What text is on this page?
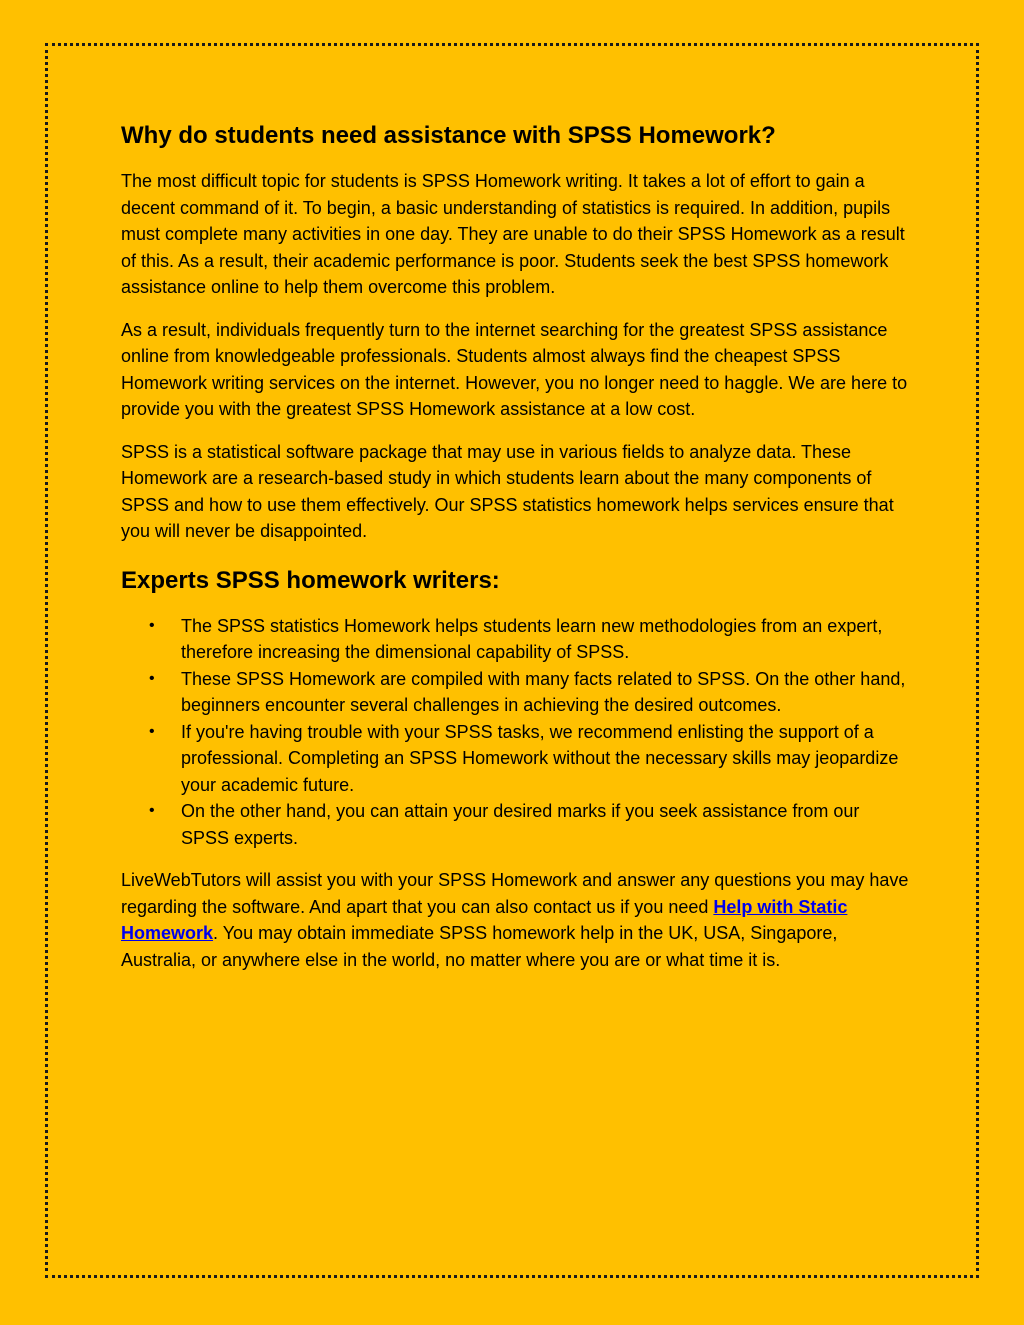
Why do students need assistance with SPSS Homework?

The most difficult topic for students is SPSS Homework writing. It takes a lot of effort to gain a decent command of it. To begin, a basic understanding of statistics is required. In addition, pupils must complete many activities in one day. They are unable to do their SPSS Homework as a result of this. As a result, their academic performance is poor. Students seek the best SPSS homework assistance online to help them overcome this problem.

As a result, individuals frequently turn to the internet searching for the greatest SPSS assistance online from knowledgeable professionals. Students almost always find the cheapest SPSS Homework writing services on the internet. However, you no longer need to haggle. We are here to provide you with the greatest SPSS Homework assistance at a low cost.

SPSS is a statistical software package that may use in various fields to analyze data. These Homework are a research-based study in which students learn about the many components of SPSS and how to use them effectively. Our SPSS statistics homework helps services ensure that you will never be disappointed.

Experts SPSS homework writers:
• The SPSS statistics Homework helps students learn new methodologies from an expert, therefore increasing the dimensional capability of SPSS.
• These SPSS Homework are compiled with many facts related to SPSS. On the other hand, beginners encounter several challenges in achieving the desired outcomes.
• If you're having trouble with your SPSS tasks, we recommend enlisting the support of a professional. Completing an SPSS Homework without the necessary skills may jeopardize your academic future.
• On the other hand, you can attain your desired marks if you seek assistance from our SPSS experts.

LiveWebTutors will assist you with your SPSS Homework and answer any questions you may have regarding the software. And apart that you can also contact us if you need Help with Static Homework. You may obtain immediate SPSS homework help in the UK, USA, Singapore, Australia, or anywhere else in the world, no matter where you are or what time it is.
